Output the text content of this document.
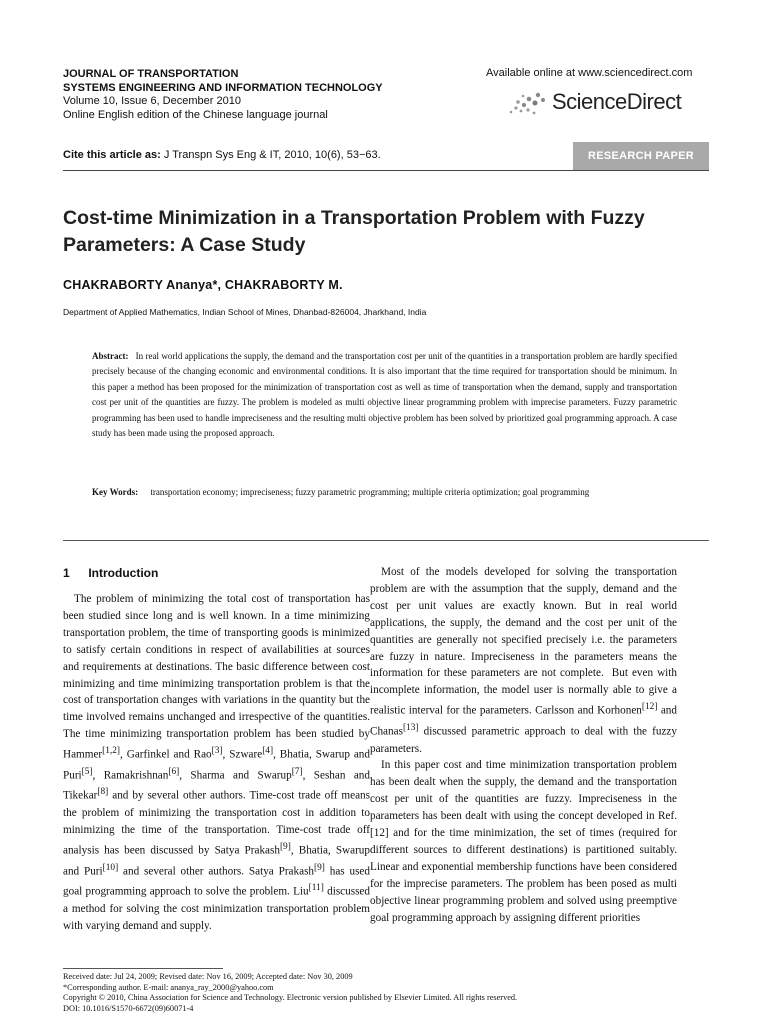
JOURNAL OF TRANSPORTATION
SYSTEMS ENGINEERING AND INFORMATION TECHNOLOGY
Volume 10, Issue 6, December 2010
Online English edition of the Chinese language journal
Available online at www.sciencedirect.com
ScienceDirect
Cite this article as: J Transpn Sys Eng & IT, 2010, 10(6), 53−63.	RESEARCH PAPER
Cost-time Minimization in a Transportation Problem with Fuzzy Parameters: A Case Study
CHAKRABORTY Ananya*, CHAKRABORTY M.
Department of Applied Mathematics, Indian School of Mines, Dhanbad-826004, Jharkhand, India
Abstract: In real world applications the supply, the demand and the transportation cost per unit of the quantities in a transportation problem are hardly specified precisely because of the changing economic and environmental conditions. It is also important that the time required for transportation should be minimum. In this paper a method has been proposed for the minimization of transportation cost as well as time of transportation when the demand, supply and transportation cost per unit of the quantities are fuzzy. The problem is modeled as multi objective linear programming problem with imprecise parameters. Fuzzy parametric programming has been used to handle impreciseness and the resulting multi objective problem has been solved by prioritized goal programming approach. A case study has been made using the proposed approach.
Key Words: transportation economy; impreciseness; fuzzy parametric programming; multiple criteria optimization; goal programming
1 Introduction

The problem of minimizing the total cost of transportation has been studied since long and is well known. In a time minimizing transportation problem, the time of transporting goods is minimized to satisfy certain conditions in respect of availabilities at sources and requirements at destinations. The basic difference between cost minimizing and time minimizing transportation problem is that the cost of transportation changes with variations in the quantity but the time involved remains unchanged and irrespective of the quantities. The time minimizing transportation problem has been studied by Hammer[1,2], Garfinkel and Rao[3], Szware[4], Bhatia, Swarup and Puri[5], Ramakrishnan[6], Sharma and Swarup[7], Seshan and Tikekar[8] and by several other authors. Time-cost trade off means the problem of minimizing the transportation cost in addition to minimizing the time of the transportation. Time-cost trade off analysis has been discussed by Satya Prakash[9], Bhatia, Swarup and Puri[10] and several other authors. Satya Prakash[9] has used goal programming approach to solve the problem. Liu[11] discussed a method for solving the cost minimization transportation problem with varying demand and supply.

Most of the models developed for solving the transportation problem are with the assumption that the supply, demand and the cost per unit values are exactly known. But in real world applications, the supply, the demand and the cost per unit of the quantities are generally not specified precisely i.e. the parameters are fuzzy in nature. Impreciseness in the parameters means the information for these parameters are not complete.  But even with incomplete information, the model user is normally able to give a realistic interval for the parameters. Carlsson and Korhonen[12] and Chanas[13] discussed parametric approach to deal with the fuzzy parameters.

In this paper cost and time minimization transportation problem has been dealt when the supply, the demand and the transportation cost per unit of the quantities are fuzzy. Impreciseness in the parameters has been dealt with using the concept developed in Ref. [12] and for the time minimization, the set of times (required for different sources to different destinations) is partitioned suitably. Linear and exponential membership functions have been considered for the imprecise parameters. The problem has been posed as multi objective linear programming problem and solved using preemptive goal programming approach by assigning different priorities

Received date: Jul 24, 2009; Revised date: Nov 16, 2009; Accepted date: Nov 30, 2009
*Corresponding author. E-mail: ananya_ray_2000@yahoo.com
Copyright © 2010, China Association for Science and Technology. Electronic version published by Elsevier Limited. All rights reserved.
DOI: 10.1016/S1570-6672(09)60071-4
